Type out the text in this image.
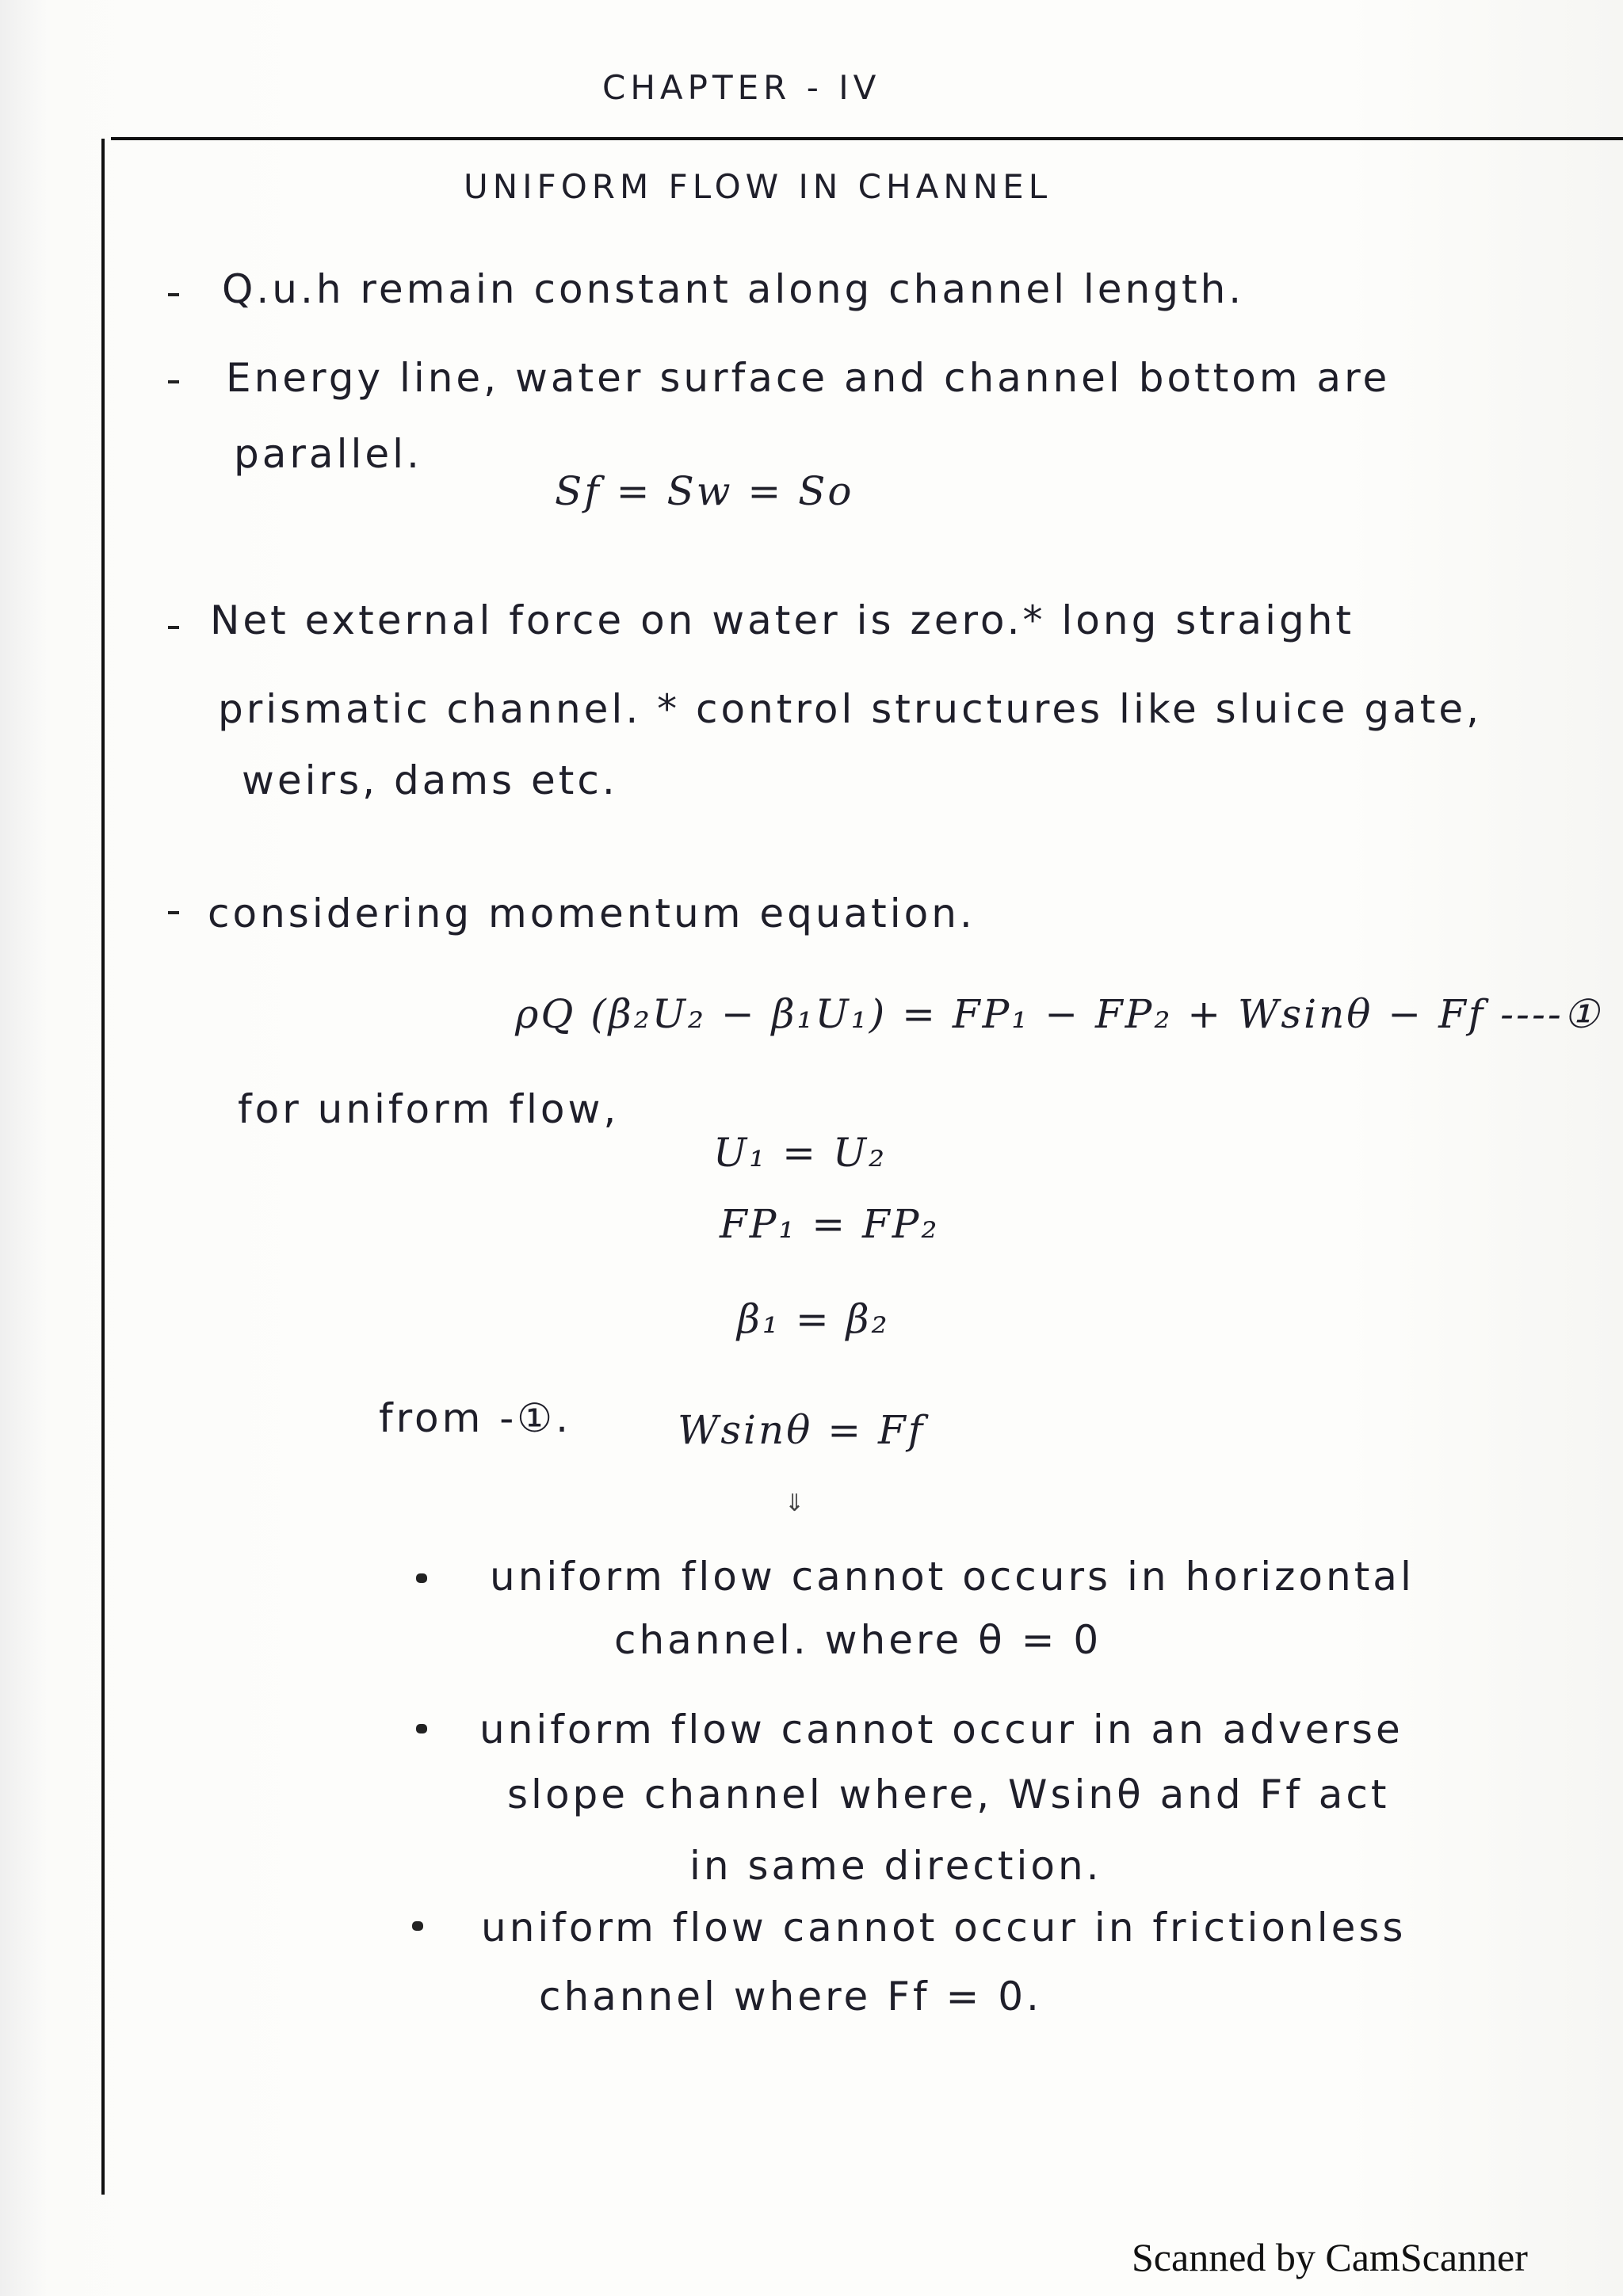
CHAPTER - IV
UNIFORM FLOW IN CHANNEL
Q.u.h remain constant along channel length.
Energy line, water surface and channel bottom are
parallel.
Sf = Sw = So
Net external force on water is zero.* long straight
prismatic channel. * control structures like sluice gate,
weirs, dams etc.
considering momentum equation.
ρQ (β₂U₂ − β₁U₁) = FP₁ − FP₂ + Wsinθ − Ff ----①
for uniform flow,
U₁ = U₂
FP₁ = FP₂
β₁ = β₂
from -①.	Wsinθ = Ff
⇓
uniform flow cannot occurs in horizontal
channel. where θ = 0
uniform flow cannot occur in an adverse
slope channel where, Wsinθ and Ff act
in same direction.
uniform flow cannot occur in frictionless
channel where Ff = 0.
Scanned by CamScanner
